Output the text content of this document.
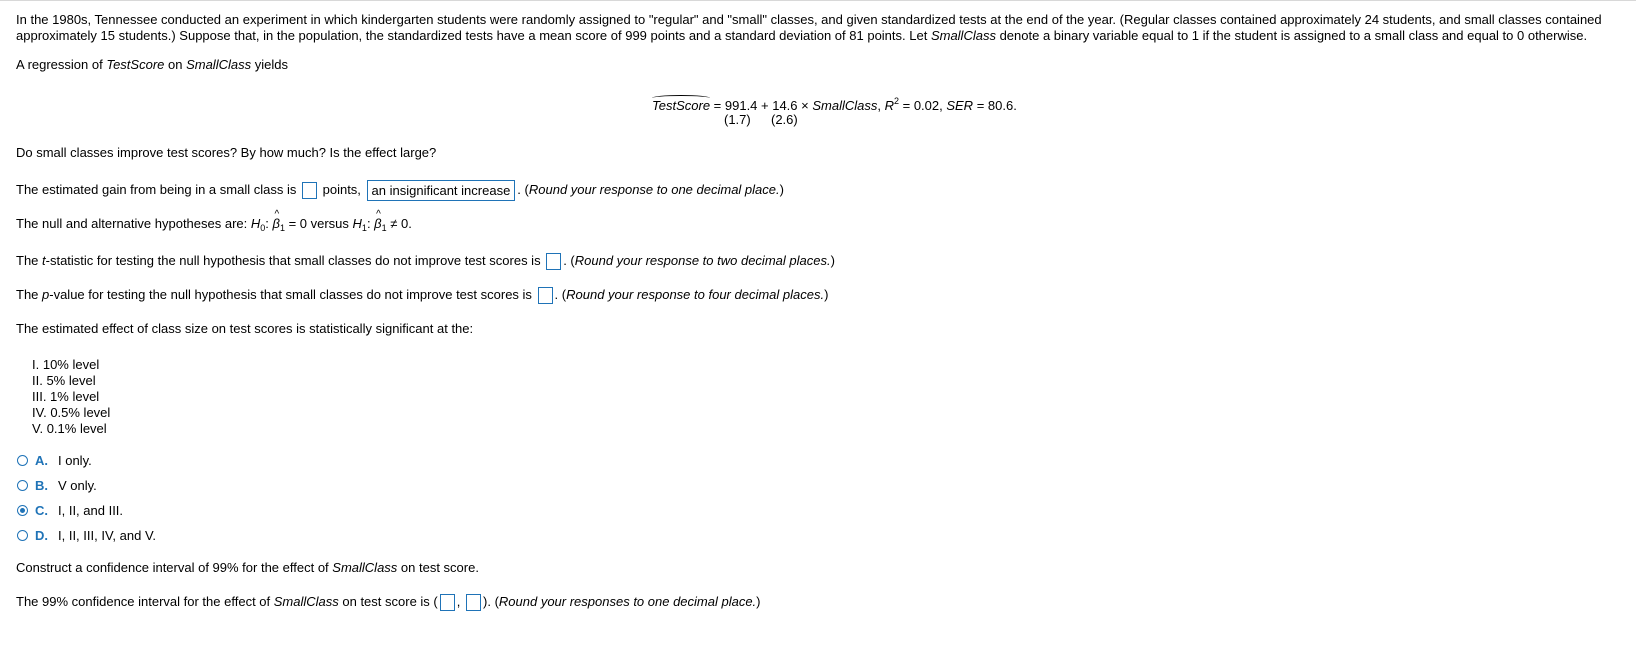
In the 1980s, Tennessee conducted an experiment in which kindergarten students were randomly assigned to "regular" and "small" classes, and given standardized tests at the end of the year. (Regular classes contained approximately 24 students, and small classes contained
approximately 15 students.) Suppose that, in the population, the standardized tests have a mean score of 999 points and a standard deviation of 81 points. Let SmallClass denote a binary variable equal to 1 if the student is assigned to a small class and equal to 0 otherwise.
A regression of TestScore on SmallClass yields
TestScore = 991.4 + 14.6 × SmallClass, $R^2 = 0.02$, SER = 80.6.
(1.7) (2.6)
Do small classes improve test scores? By how much? Is the effect large?
The estimated gain from being in a small class is points, an insignificant increase . (Round your response to one decimal place.)
The null and alternative hypotheses are: $H_0$: β $\^{}_1 = 0$ versus $H_1$: β $\^{}_1 \ne 0$.
The t-statistic for testing the null hypothesis that small classes do not improve test scores is . (Round your response to two decimal places.)
The p-value for testing the null hypothesis that small classes do not improve test scores is . (Round your response to four decimal places.)
The estimated effect of class size on test scores is statistically significant at the:
I. 10% level
II. 5% level
III. 1% level
IV. 0.5% level
V. 0.1% level
A. I only.
B. V only.
C. I, II, and III.
D. I, II, III, IV, and V.
Construct a confidence interval of 99% for the effect of SmallClass on test score.
The 99% confidence interval for the effect of SmallClass on test score is ( , ). (Round your responses to one decimal place.)
